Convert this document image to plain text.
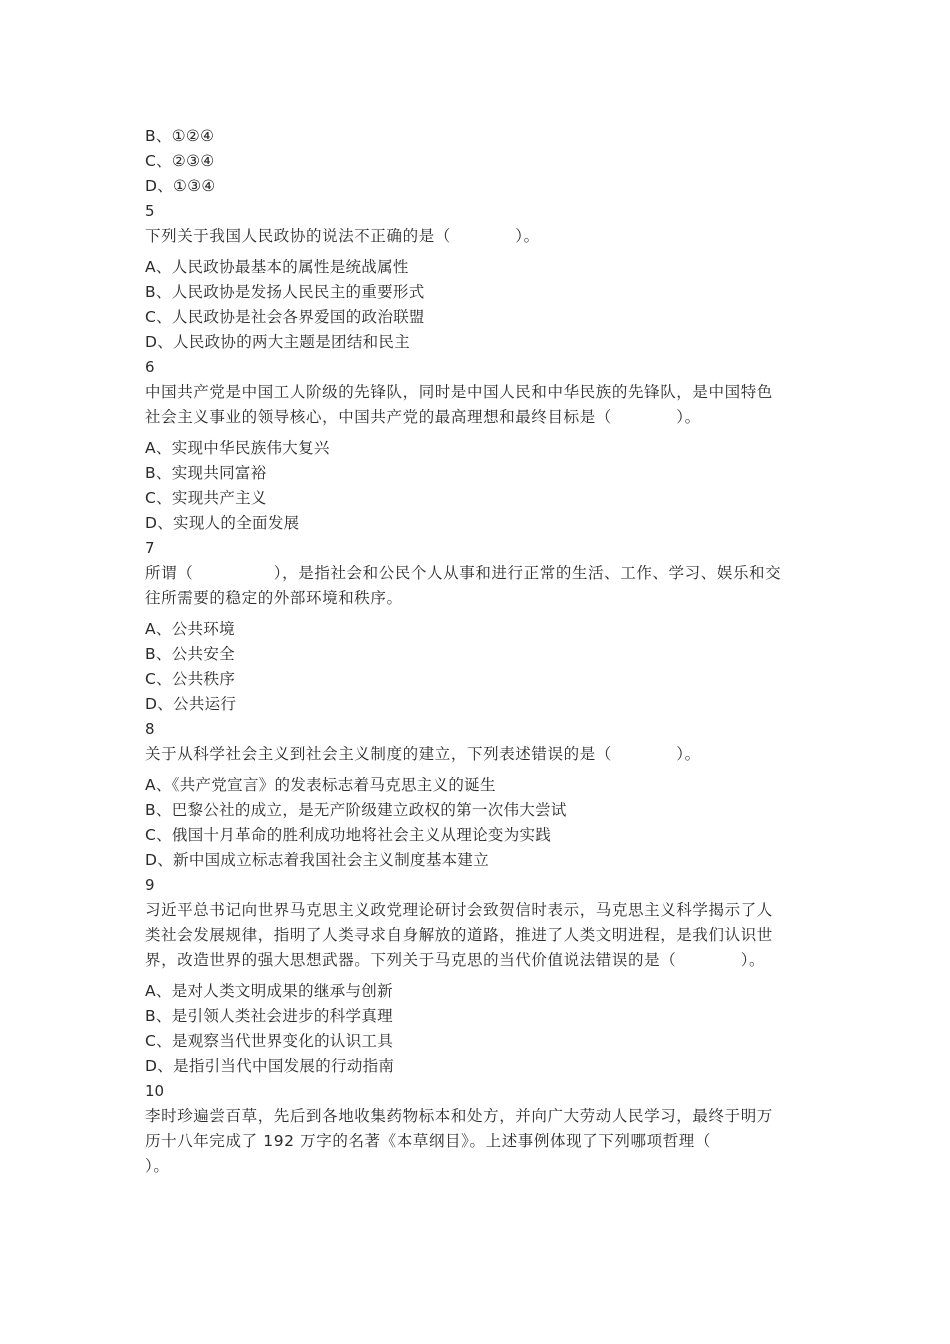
B、①②④
C、②③④
D、①③④
5
下列关于我国人民政协的说法不正确的是（　　　　）。
A、人民政协最基本的属性是统战属性
B、人民政协是发扬人民民主的重要形式
C、人民政协是社会各界爱国的政治联盟
D、人民政协的两大主题是团结和民主
6
中国共产党是中国工人阶级的先锋队，同时是中国人民和中华民族的先锋队，是中国特色
社会主义事业的领导核心，中国共产党的最高理想和最终目标是（　　　　）。
A、实现中华民族伟大复兴
B、实现共同富裕
C、实现共产主义
D、实现人的全面发展
7
所谓（　　　　　），是指社会和公民个人从事和进行正常的生活、工作、学习、娱乐和交
往所需要的稳定的外部环境和秩序。
A、公共环境
B、公共安全
C、公共秩序
D、公共运行
8
关于从科学社会主义到社会主义制度的建立，下列表述错误的是（　　　　）。
A、《共产党宣言》的发表标志着马克思主义的诞生
B、巴黎公社的成立，是无产阶级建立政权的第一次伟大尝试
C、俄国十月革命的胜利成功地将社会主义从理论变为实践
D、新中国成立标志着我国社会主义制度基本建立
9
习近平总书记向世界马克思主义政党理论研讨会致贺信时表示，马克思主义科学揭示了人
类社会发展规律，指明了人类寻求自身解放的道路，推进了人类文明进程，是我们认识世
界，改造世界的强大思想武器。下列关于马克思的当代价值说法错误的是（　　　　）。
A、是对人类文明成果的继承与创新
B、是引领人类社会进步的科学真理
C、是观察当代世界变化的认识工具
D、是指引当代中国发展的行动指南
10
李时珍遍尝百草，先后到各地收集药物标本和处方，并向广大劳动人民学习，最终于明万
历十八年完成了 192 万字的名著《本草纲目》。上述事例体现了下列哪项哲理（
）。
